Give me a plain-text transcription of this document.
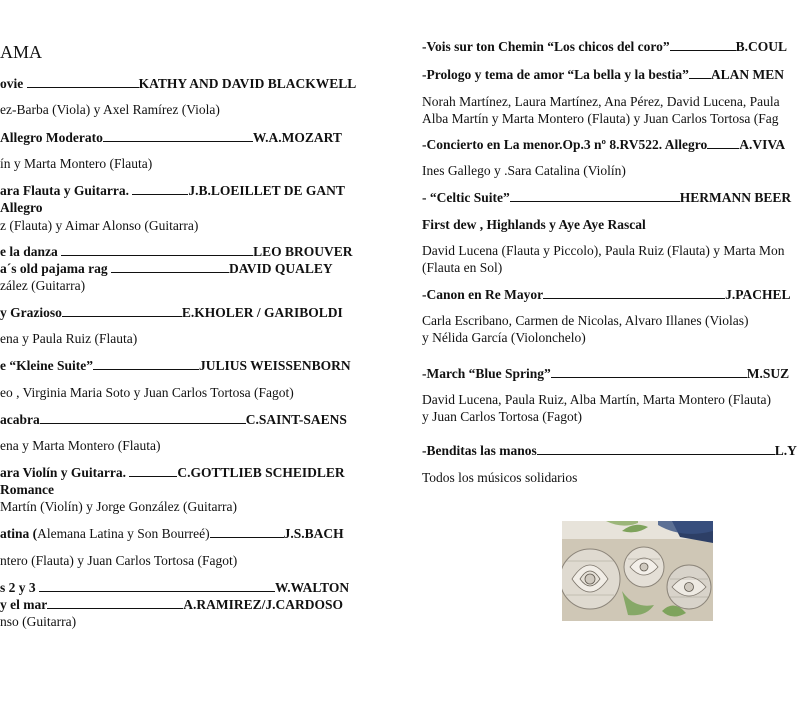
AMA
ovie	KATHY AND DAVID BLACKWELL
ez-Barba (Viola) y Axel Ramírez (Viola)
Allegro Moderato	W.A.MOZART
ín y Marta Montero (Flauta)
ara Flauta y Guitarra.	J.B.LOEILLET DE GANT
Allegro
z (Flauta) y Aimar Alonso (Guitarra)
e la danza	LEO BROUVER
a´s old pajama rag	DAVID QUALEY
zález (Guitarra)
y Grazioso	E.KHOLER / GARIBOLDI
ena y Paula Ruiz (Flauta)
e “Kleine Suite”	JULIUS WEISSENBORN
eo , Virginia Maria Soto y Juan Carlos Tortosa (Fagot)
acabra	C.SAINT-SAENS
ena y Marta Montero (Flauta)
ara Violín y Guitarra.	C.GOTTLIEB SCHEIDLER
Romance
Martín (Violín) y Jorge González (Guitarra)
atina (Alemana Latina y Son Bourreé)	J.S.BACH
ntero (Flauta) y Juan Carlos Tortosa (Fagot)
s 2 y 3	W.WALTON
y el mar	A.RAMIREZ/J.CARDOSO
nso (Guitarra)
-Vois sur ton Chemin “Los chicos del coro”	B.COUL
-Prologo y tema de amor “La bella y la bestia” ALAN MEN
Norah Martínez, Laura Martínez, Ana Pérez, David Lucena, Paula
Alba Martín y Marta Montero (Flauta) y Juan Carlos Tortosa (Fag
-Concierto en La menor.Op.3 nº 8.RV522. Allegro A.VIVA
Ines Gallego y .Sara Catalina (Violín)
- “Celtic Suite”	HERMANN BEER
First dew , Highlands y Aye Aye Rascal
David Lucena (Flauta y Piccolo), Paula Ruiz (Flauta) y Marta Mon
(Flauta en Sol)
-Canon en Re Mayor	J.PACHEL
Carla Escribano, Carmen de Nicolas, Alvaro Illanes (Violas)
y Nélida García (Violonchelo)
-March “Blue Spring”	M.SUZ
David Lucena, Paula Ruiz, Alba Martín, Marta Montero (Flauta)
y Juan Carlos Tortosa (Fagot)
-Benditas las manos	L.Y
Todos los músicos solidarios
